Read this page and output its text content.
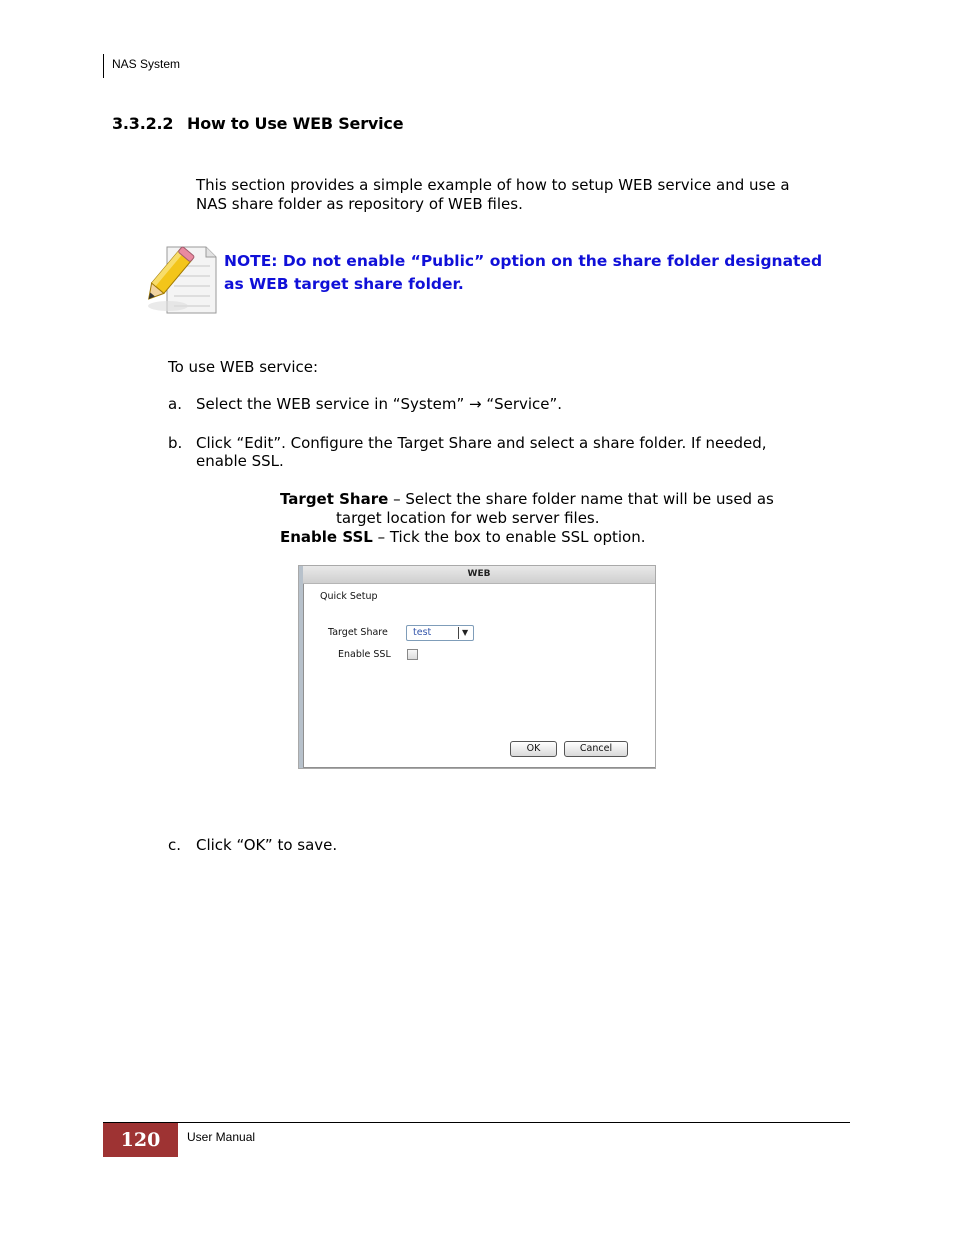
NAS System
3.3.2.2 How to Use WEB Service
This section provides a simple example of how to setup WEB service and use a
NAS share folder as repository of WEB files.
NOTE: Do not enable “Public” option on the share folder designated as WEB target share folder.
To use WEB service:
a. Select the WEB service in “System” → “Service”.
b. Click “Edit”. Configure the Target Share and select a share folder. If needed,
enable SSL.
Target Share – Select the share folder name that will be used as
target location for web server files.
Enable SSL – Tick the box to enable SSL option.
WEB
Quick Setup
Target Share	test	▼
Enable SSL
OK	Cancel
c. Click “OK” to save.
120	User Manual
